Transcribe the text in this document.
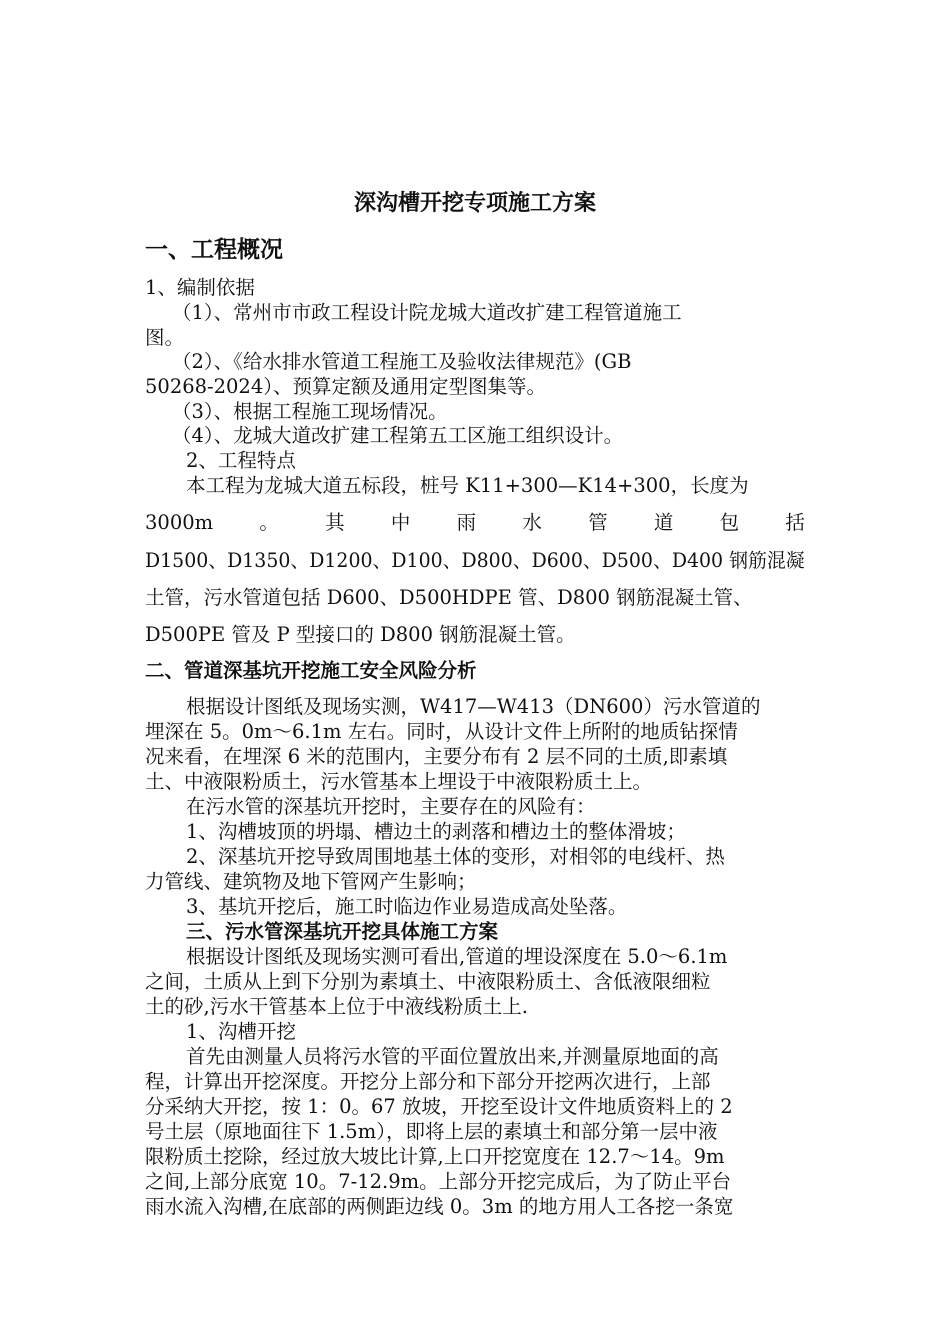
深沟槽开挖专项施工方案
一、工程概况
1、编制依据
（1）、常州市市政工程设计院龙城大道改扩建工程管道施工
图。
（2）、《给水排水管道工程施工及验收法律规范》(GB
50268-2024）、预算定额及通用定型图集等。
（3）、根据工程施工现场情况。
（4）、龙城大道改扩建工程第五工区施工组织设计。
2、工程特点
本工程为龙城大道五标段，桩号 K11+300—K14+300，长度为
3000m 。 其 中 雨 水 管 道 包 括
D1500、D1350、D1200、D100、D800、D600、D500、D400 钢筋混凝
土管，污水管道包括 D600、D500HDPE 管、D800 钢筋混凝土管、
D500PE 管及 P 型接口的 D800 钢筋混凝土管。
二、管道深基坑开挖施工安全风险分析
根据设计图纸及现场实测，W417—W413（DN600）污水管道的
埋深在 5。0m～6.1m 左右。同时，从设计文件上所附的地质钻探情
况来看，在埋深 6 米的范围内，主要分布有 2 层不同的土质,即素填
土、中液限粉质土，污水管基本上埋设于中液限粉质土上。
在污水管的深基坑开挖时，主要存在的风险有：
1、沟槽坡顶的坍塌、槽边土的剥落和槽边土的整体滑坡；
2、深基坑开挖导致周围地基土体的变形，对相邻的电线杆、热
力管线、建筑物及地下管网产生影响；
3、基坑开挖后，施工时临边作业易造成高处坠落。
三、污水管深基坑开挖具体施工方案
根据设计图纸及现场实测可看出,管道的埋设深度在 5.0～6.1m
之间，土质从上到下分别为素填土、中液限粉质土、含低液限细粒
土的砂,污水干管基本上位于中液线粉质土上.
1、沟槽开挖
首先由测量人员将污水管的平面位置放出来,并测量原地面的高
程，计算出开挖深度。开挖分上部分和下部分开挖两次进行，上部
分采纳大开挖，按 1：0。67 放坡，开挖至设计文件地质资料上的 2
号土层（原地面往下 1.5m），即将上层的素填土和部分第一层中液
限粉质土挖除，经过放大坡比计算,上口开挖宽度在 12.7～14。9m
之间,上部分底宽 10。7-12.9m。上部分开挖完成后，为了防止平台
雨水流入沟槽,在底部的两侧距边线 0。3m 的地方用人工各挖一条宽
